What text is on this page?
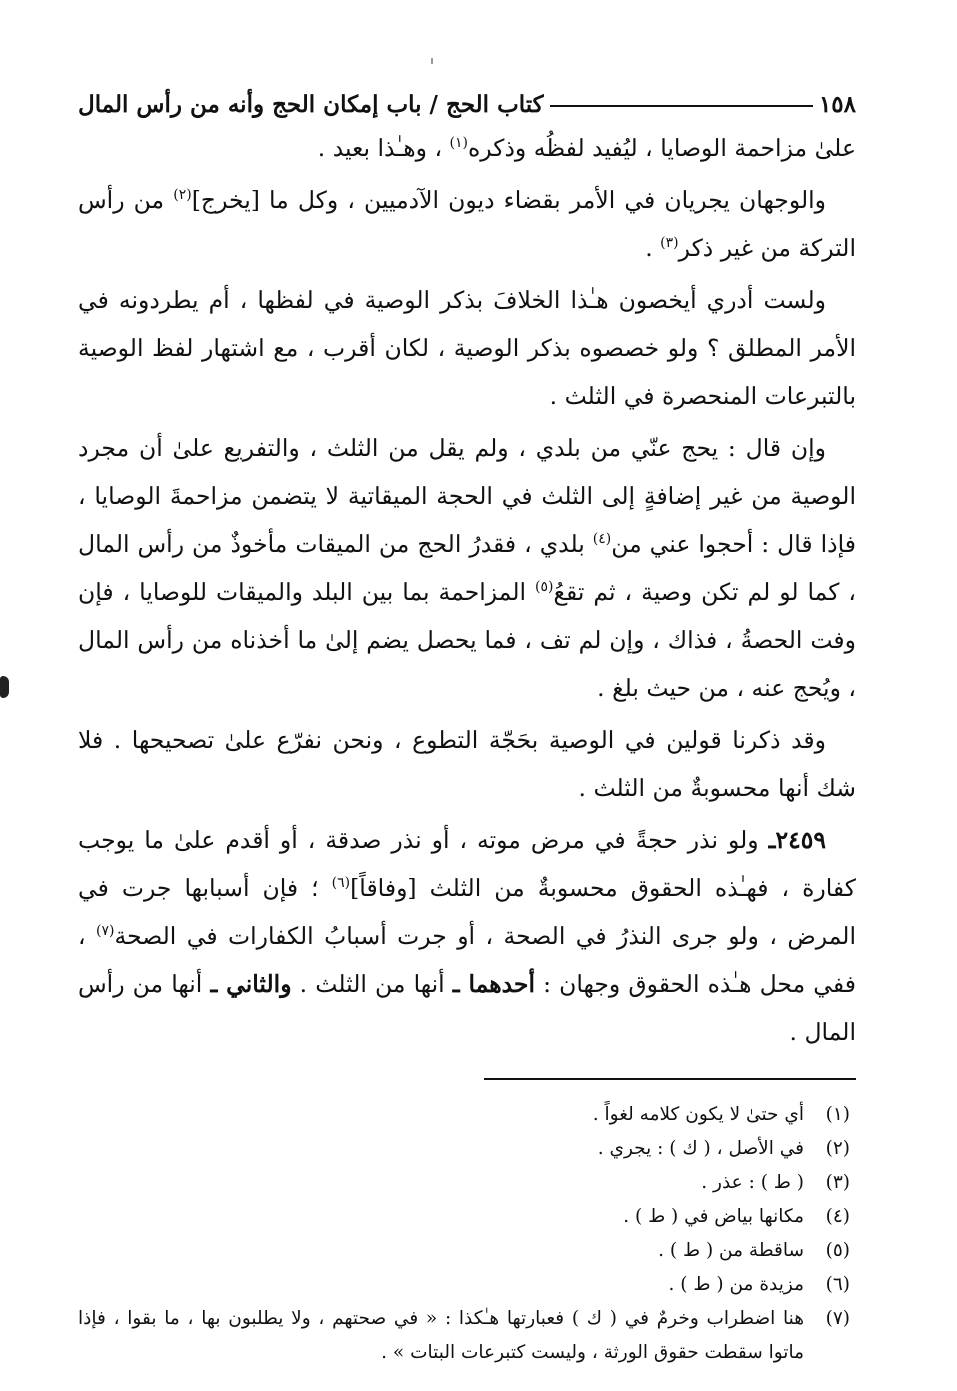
١٥٨
كتاب الحج / باب إمكان الحج وأنه من رأس المال

علىٰ مزاحمة الوصايا ، ليُفيد لفظُه وذكره$^{(١)}$ ، وهـٰذا بعيد .

والوجهان يجريان في الأمر بقضاء ديون الآدميين ، وكل ما [يخرج]$^{(٢)}$ من رأس التركة من غير ذكر$^{(٣)}$ .

ولست أدري أيخصون هـٰذا الخلافَ بذكر الوصية في لفظها ، أم يطردونه في الأمر المطلق ؟ ولو خصصوه بذكر الوصية ، لكان أقرب ، مع اشتهار لفظ الوصية بالتبرعات المنحصرة في الثلث .

وإن قال : يحج عنّي من بلدي ، ولم يقل من الثلث ، والتفريع علىٰ أن مجرد الوصية من غير إضافةٍ إلى الثلث في الحجة الميقاتية لا يتضمن مزاحمةَ الوصايا ، فإذا قال : أحجوا عني من$^{(٤)}$ بلدي ، فقدرُ الحج من الميقات مأخوذٌ من رأس المال ، كما لو لم تكن وصية ، ثم تقعُ$^{(٥)}$ المزاحمة بما بين البلد والميقات للوصايا ، فإن وفت الحصةُ ، فذاك ، وإن لم تف ، فما يحصل يضم إلىٰ ما أخذناه من رأس المال ، ويُحج عنه ، من حيث بلغ .

وقد ذكرنا قولين في الوصية بحَجّة التطوع ، ونحن نفرّع علىٰ تصحيحها . فلا شك أنها محسوبةٌ من الثلث .

٢٤٥٩ـ ولو نذر حجةً في مرض موته ، أو نذر صدقة ، أو أقدم علىٰ ما يوجب كفارة ، فهـٰذه الحقوق محسوبةٌ من الثلث [وفاقاً]$^{(٦)}$ ؛ فإن أسبابها جرت في المرض ، ولو جرى النذرُ في الصحة ، أو جرت أسبابُ الكفارات في الصحة$^{(٧)}$ ، ففي محل هـٰذه الحقوق وجهان : أحدهما ـ أنها من الثلث . والثاني ـ أنها من رأس المال .

(١)
أي حتىٰ لا يكون كلامه لغواً .
(٢)
في الأصل ، ( ك ) : يجري .
(٣)
( ط ) : عذر .
(٤)
مكانها بياض في ( ط ) .
(٥)
ساقطة من ( ط ) .
(٦)
مزيدة من ( ط ) .
(٧)
هنا اضطراب وخرمٌ في ( ك ) فعبارتها هـٰكذا : « في صحتهم ، ولا يطلبون بها ، ما بقوا ، فإذا ماتوا سقطت حقوق الورثة ، وليست كتبرعات البتات » .
